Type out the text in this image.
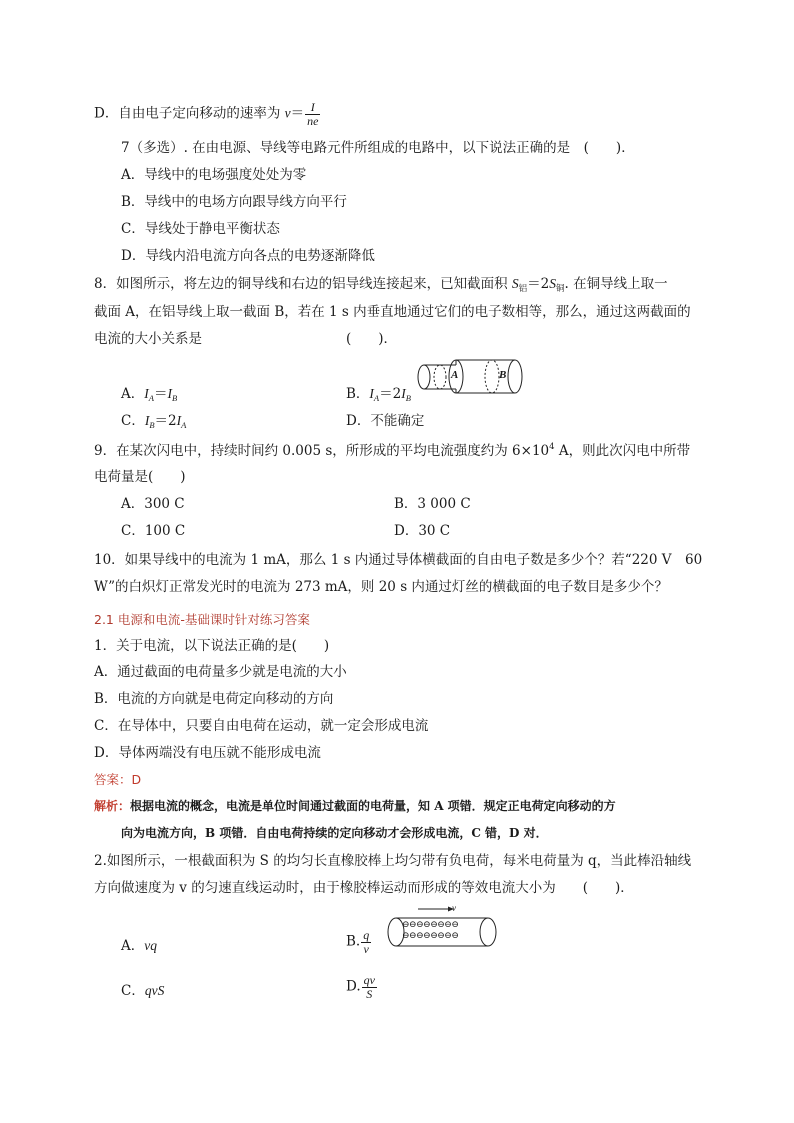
D．自由电子定向移动的速率为 $v= \frac{I}{ne}$
7（多选）. 在由电源、导线等电路元件所组成的电路中，以下说法正确的是　(　　)．
A．导线中的电场强度处处为零
B．导线中的电场方向跟导线方向平行
C．导线处于静电平衡状态
D．导线内沿电流方向各点的电势逐渐降低
8．如图所示，将左边的铜导线和右边的铝导线连接起来，已知截面积 $S_铝=2S_铜$. 在铜导线上取一
截面 A，在铝导线上取一截面 B，若在 1 s 内垂直地通过它们的电子数相等，那么，通过这两截面的
电流的大小关系是	(　　)．
A	B
A．$I_A=I_B$	B．$I_A=2I_B$
C．$I_B=2I_A$	D．不能确定
9．在某次闪电中，持续时间约 0.005 s，所形成的平均电流强度约为 $6\times 10^4$ A，则此次闪电中所带
电荷量是(　　)
A．300 C	B．3 000 C
C．100 C	D．30 C
10．如果导线中的电流为 1 mA，那么 1 s 内通过导体横截面的自由电子数是多少个？若“220 V　60
W”的白炽灯正常发光时的电流为 273 mA，则 20 s 内通过灯丝的横截面的电子数目是多少个？
2.1 电源和电流-基础课时针对练习答案
1．关于电流，以下说法正确的是(　　)
A．通过截面的电荷量多少就是电流的大小
B．电流的方向就是电荷定向移动的方向
C．在导体中，只要自由电荷在运动，就一定会形成电流
D．导体两端没有电压就不能形成电流
答案：D
解析：根据电流的概念，电流是单位时间通过截面的电荷量，知 A 项错．规定正电荷定向移动的方
向为电流方向，B 项错．自由电荷持续的定向移动才会形成电流，C 错，D 对．
2.如图所示，一根截面积为 S 的均匀长直橡胶棒上均匀带有负电荷，每米电荷量为 q，当此棒沿轴线
方向做速度为 v 的匀速直线运动时，由于橡胶棒运动而形成的等效电流大小为　　(　　)．
v
⊖⊖⊖⊖⊖⊖⊖⊖
⊖⊖⊖⊖⊖⊖⊖⊖
A．vq	B. $\frac{q}{v}$
C．qvS	D. $\frac{qv}{S}$
